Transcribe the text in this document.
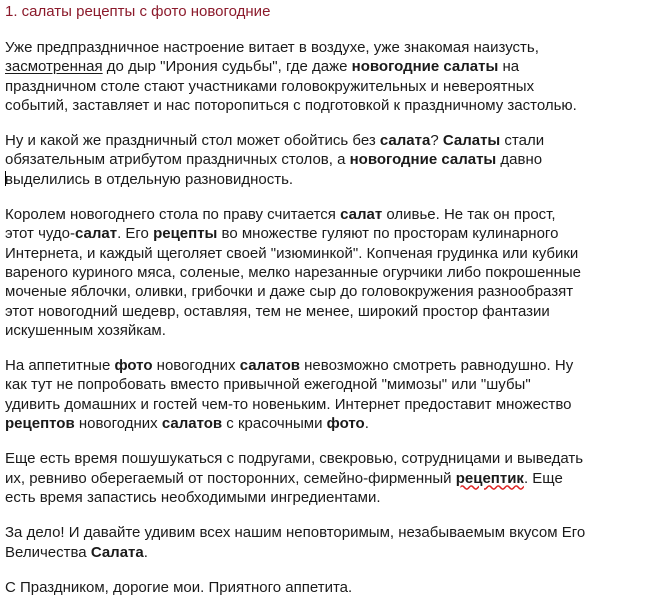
1. салаты рецепты с фото новогодние
Уже предпраздничное настроение витает в воздухе, уже знакомая наизусть,
засмотренная до дыр "Ирония судьбы", где даже новогодние салаты на
праздничном столе стают участниками головокружительных и невероятных
событий, заставляет и нас поторопиться с подготовкой к праздничному застолью.
Ну и какой же праздничный стол может обойтись без салата? Салаты стали
обязательным атрибутом праздничных столов, а новогодние салаты давно
выделились в отдельную разновидность.
Королем новогоднего стола по праву считается салат оливье. Не так он прост,
этот чудо-салат. Его рецепты во множестве гуляют по просторам кулинарного
Интернета, и каждый щеголяет своей "изюминкой". Копченая грудинка или кубики
вареного куриного мяса, соленые, мелко нарезанные огурчики либо покрошенные
моченые яблочки, оливки, грибочки и даже сыр до головокружения разнообразят
этот новогодний шедевр, оставляя, тем не менее, широкий простор фантазии
искушенным хозяйкам.
На аппетитные фото новогодних салатов невозможно смотреть равнодушно. Ну
как тут не попробовать вместо привычной ежегодной "мимозы" или "шубы"
удивить домашних и гостей чем-то новеньким. Интернет предоставит множество
рецептов новогодних салатов с красочными фото.
Еще есть время пошушукаться с подругами, свекровью, сотрудницами и выведать
их, ревниво оберегаемый от посторонних, семейно-фирменный рецептик. Еще
есть время запастись необходимыми ингредиентами.
За дело! И давайте удивим всех нашим неповторимым, незабываемым вкусом Его
Величества Салата.
С Праздником, дорогие мои. Приятного аппетита.
